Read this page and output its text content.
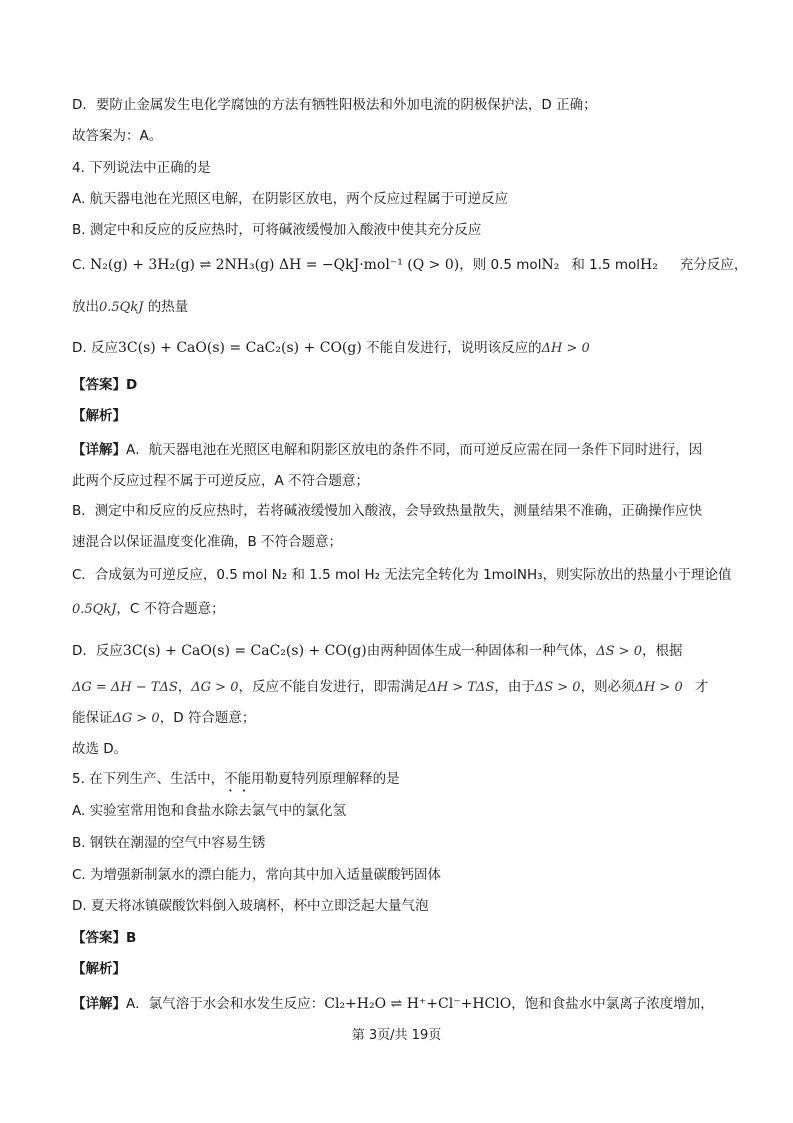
D．要防止金属发生电化学腐蚀的方法有牺牲阳极法和外加电流的阴极保护法，D 正确；
故答案为：A。
4. 下列说法中正确的是
A. 航天器电池在光照区电解，在阴影区放电，两个反应过程属于可逆反应
B. 测定中和反应的反应热时，可将碱液缓慢加入酸液中使其充分反应
C. N₂(g) + 3H₂(g) ⇌ 2NH₃(g) ΔH = −QkJ·mol⁻¹ (Q > 0)，则 0.5 molN₂ 和 1.5 molH₂ 充分反应，
放出0.5QkJ 的热量
D. 反应3C(s) + CaO(s) = CaC₂(s) + CO(g) 不能自发进行，说明该反应的ΔH > 0
【答案】D
【解析】
【详解】A．航天器电池在光照区电解和阴影区放电的条件不同，而可逆反应需在同一条件下同时进行，因
此两个反应过程不属于可逆反应，A 不符合题意；
B．测定中和反应的反应热时，若将碱液缓慢加入酸液，会导致热量散失，测量结果不准确，正确操作应快
速混合以保证温度变化准确，B 不符合题意；
C．合成氨为可逆反应，0.5 mol N₂ 和 1.5 mol H₂ 无法完全转化为 1molNH₃，则实际放出的热量小于理论值
0.5QkJ，C 不符合题意；
D．反应3C(s) + CaO(s) = CaC₂(s) + CO(g)由两种固体生成一种固体和一种气体，ΔS > 0，根据
ΔG = ΔH − TΔS，ΔG > 0，反应不能自发进行，即需满足ΔH > TΔS，由于ΔS > 0，则必须ΔH > 0 才
能保证ΔG > 0，D 符合题意；
故选 D。
5. 在下列生产、生活中，不能用勒夏特列原理解释的是
A. 实验室常用饱和食盐水除去氯气中的氯化氢
B. 钢铁在潮湿的空气中容易生锈
C. 为增强新制氯水的漂白能力，常向其中加入适量碳酸钙固体
D. 夏天将冰镇碳酸饮料倒入玻璃杯，杯中立即泛起大量气泡
【答案】B
【解析】
【详解】A．氯气溶于水会和水发生反应：Cl₂+H₂O ⇌ H⁺+Cl⁻+HClO，饱和食盐水中氯离子浓度增加，
第 3页/共 19页
